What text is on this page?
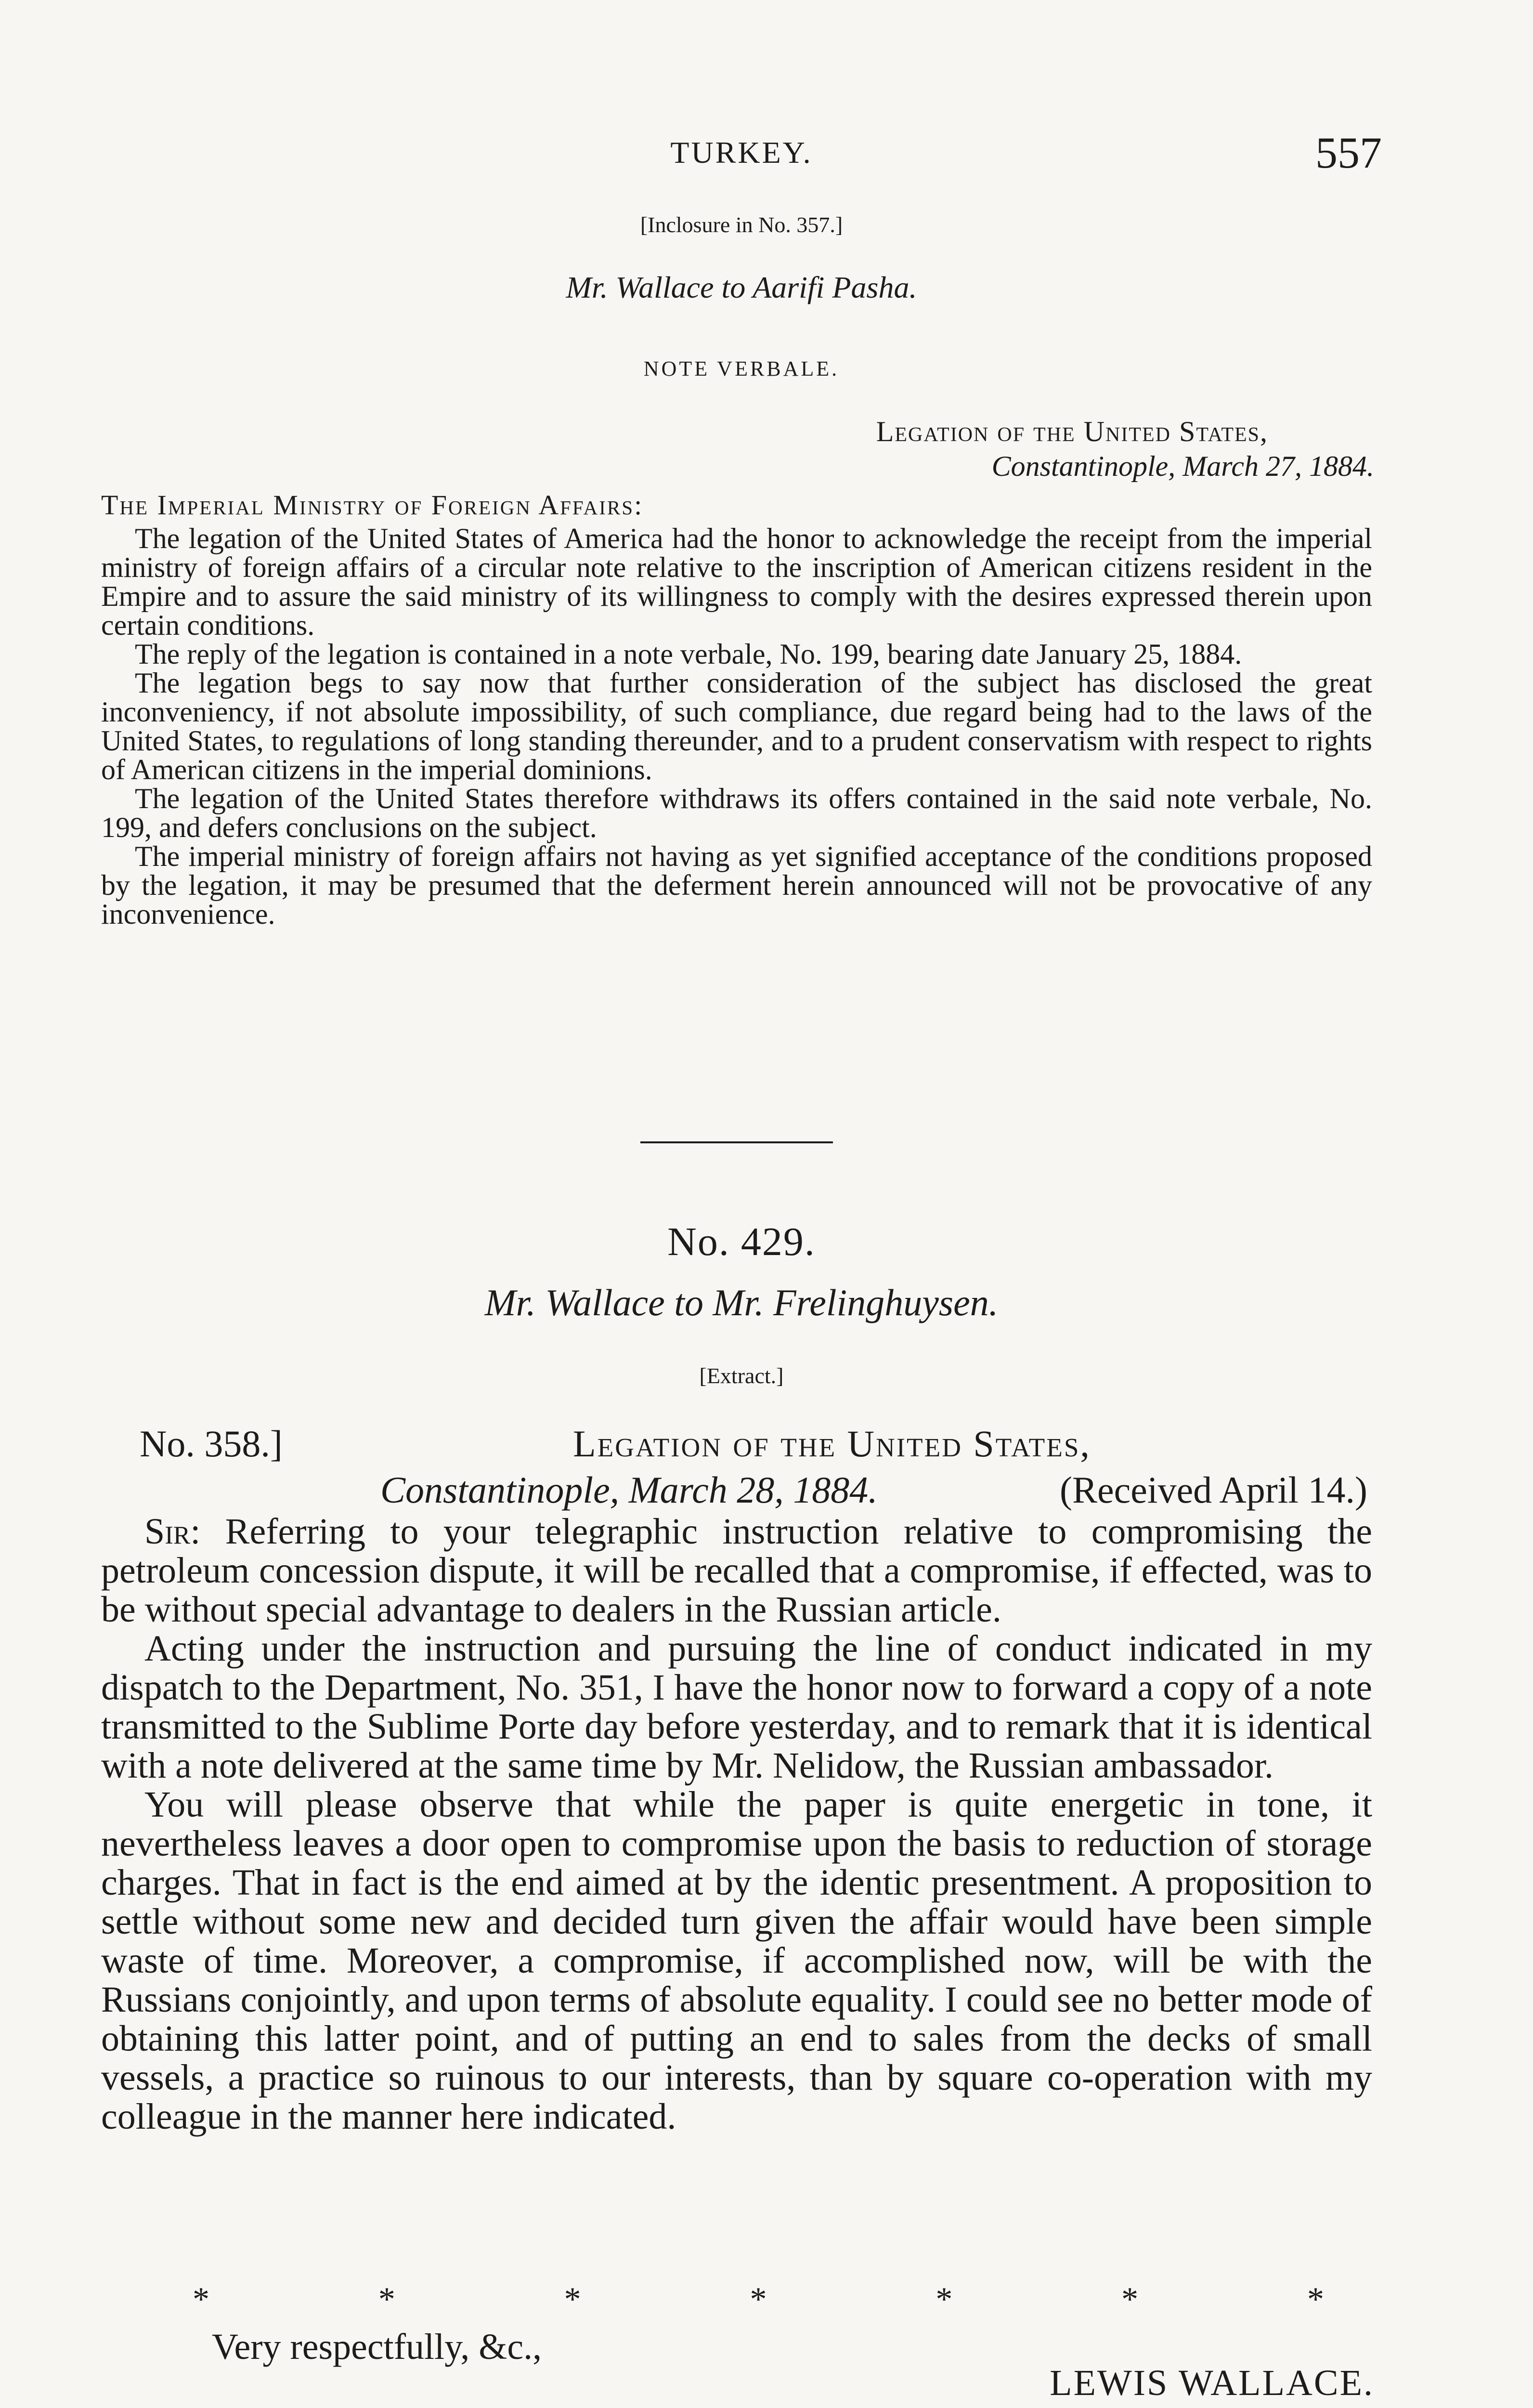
TURKEY.	557
[Inclosure in No. 357.]
Mr. Wallace to Aarifi Pasha.
NOTE VERBALE.
Legation of the United States,
Constantinople, March 27, 1884.
The Imperial Ministry of Foreign Affairs:

The legation of the United States of America had the honor to acknowledge the receipt from the imperial ministry of foreign affairs of a circular note relative to the inscription of American citizens resident in the Empire and to assure the said ministry of its willingness to comply with the desires expressed therein upon certain conditions.

The reply of the legation is contained in a note verbale, No. 199, bearing date January 25, 1884.

The legation begs to say now that further consideration of the subject has disclosed the great inconveniency, if not absolute impossibility, of such compliance, due regard being had to the laws of the United States, to regulations of long standing thereunder, and to a prudent conservatism with respect to rights of American citizens in the imperial dominions.

The legation of the United States therefore withdraws its offers contained in the said note verbale, No. 199, and defers conclusions on the subject.

The imperial ministry of foreign affairs not having as yet signified acceptance of the conditions proposed by the legation, it may be presumed that the deferment herein announced will not be provocative of any inconvenience.

No. 429.
Mr. Wallace to Mr. Frelinghuysen.
[Extract.]
No. 358.]	Legation of the United States,
Constantinople, March 28, 1884.	(Received April 14.)

Sir: Referring to your telegraphic instruction relative to compromising the petroleum concession dispute, it will be recalled that a compromise, if effected, was to be without special advantage to dealers in the Russian article.

Acting under the instruction and pursuing the line of conduct indicated in my dispatch to the Department, No. 351, I have the honor now to forward a copy of a note transmitted to the Sublime Porte day before yesterday, and to remark that it is identical with a note delivered at the same time by Mr. Nelidow, the Russian ambassador.

You will please observe that while the paper is quite energetic in tone, it nevertheless leaves a door open to compromise upon the basis to reduction of storage charges. That in fact is the end aimed at by the identic presentment. A proposition to settle without some new and decided turn given the affair would have been simple waste of time. Moreover, a compromise, if accomplished now, will be with the Russians conjointly, and upon terms of absolute equality. I could see no better mode of obtaining this latter point, and of putting an end to sales from the decks of small vessels, a practice so ruinous to our interests, than by square co-operation with my colleague in the manner here indicated.

*	*	*	*	*	*	*
Very respectfully, &c.,
LEWIS WALLACE.
